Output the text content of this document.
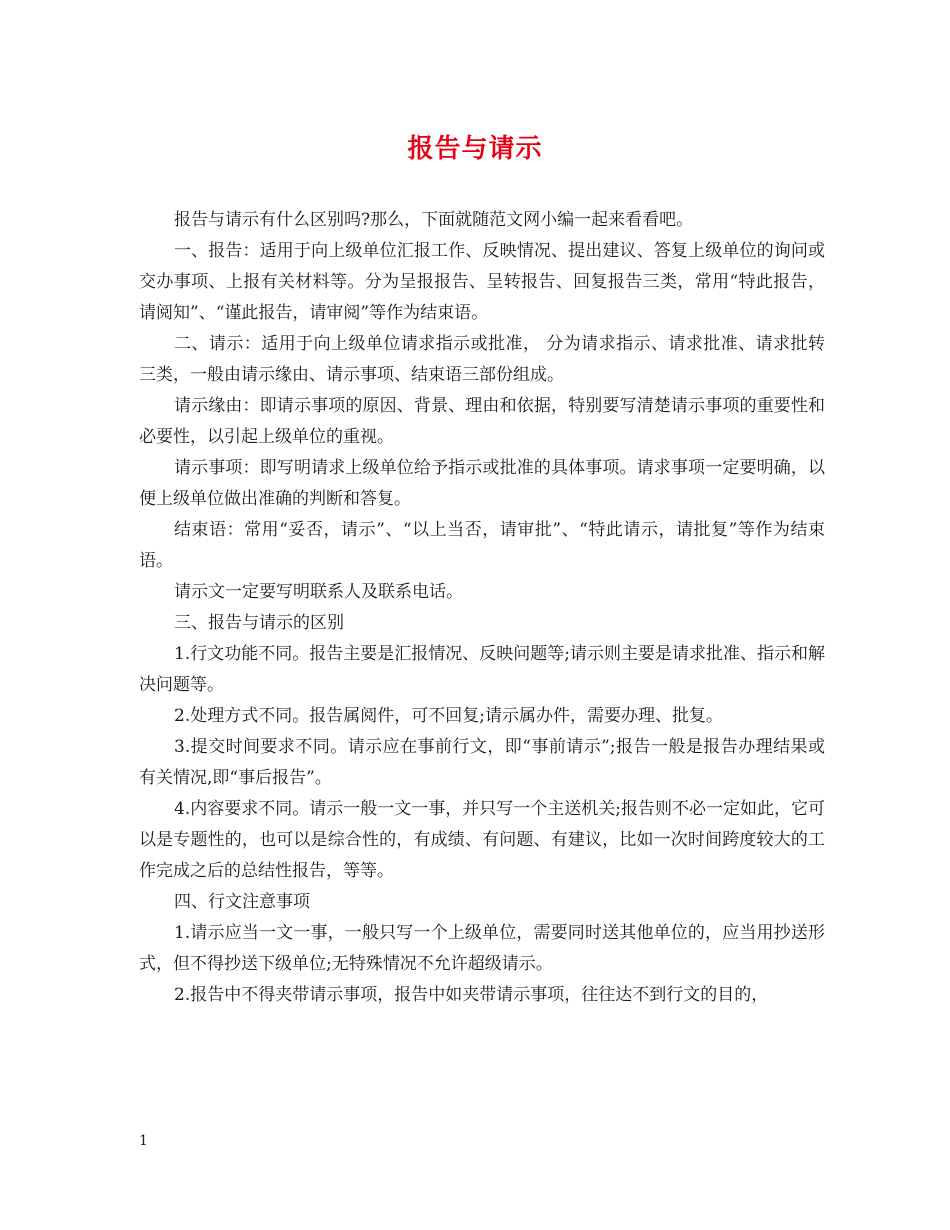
报告与请示

报告与请示有什么区别吗?那么，下面就随范文网小编一起来看看吧。

一、报告：适用于向上级单位汇报工作、反映情况、提出建议、答复上级单位的询问或交办事项、上报有关材料等。分为呈报报告、呈转报告、回复报告三类，常用“特此报告，请阅知”、“谨此报告，请审阅”等作为结束语。

二、请示：适用于向上级单位请求指示或批准， 分为请求指示、请求批准、请求批转三类，一般由请示缘由、请示事项、结束语三部份组成。

请示缘由：即请示事项的原因、背景、理由和依据，特别要写清楚请示事项的重要性和必要性，以引起上级单位的重视。

请示事项：即写明请求上级单位给予指示或批准的具体事项。请求事项一定要明确，以便上级单位做出准确的判断和答复。

结束语：常用“妥否，请示”、“以上当否，请审批”、“特此请示，请批复”等作为结束语。

请示文一定要写明联系人及联系电话。

三、报告与请示的区别

1.行文功能不同。报告主要是汇报情况、反映问题等;请示则主要是请求批准、指示和解决问题等。

2.处理方式不同。报告属阅件，可不回复;请示属办件，需要办理、批复。

3.提交时间要求不同。请示应在事前行文，即“事前请示”;报告一般是报告办理结果或有关情况,即“事后报告”。

4.内容要求不同。请示一般一文一事，并只写一个主送机关;报告则不必一定如此，它可以是专题性的，也可以是综合性的，有成绩、有问题、有建议，比如一次时间跨度较大的工作完成之后的总结性报告，等等。

四、行文注意事项

1.请示应当一文一事，一般只写一个上级单位，需要同时送其他单位的，应当用抄送形式，但不得抄送下级单位;无特殊情况不允许超级请示。

2.报告中不得夹带请示事项，报告中如夹带请示事项，往往达不到行文的目的，

1
